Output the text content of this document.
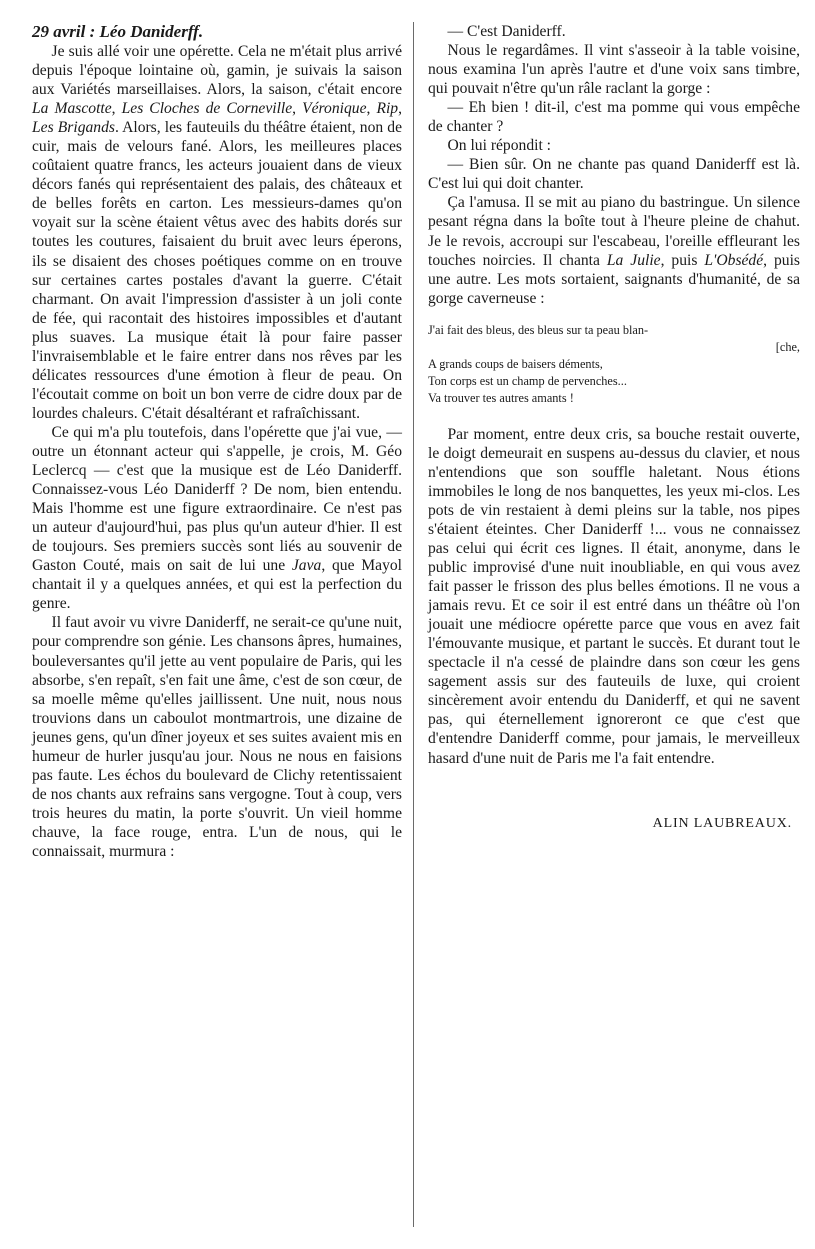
29 avril : Léo Daniderff.

Je suis allé voir une opérette. Cela ne m'était plus arrivé depuis l'époque lointaine où, gamin, je suivais la saison aux Variétés marseillaises. Alors, la saison, c'était encore La Mascotte, Les Cloches de Corneville, Véronique, Rip, Les Brigands. Alors, les fauteuils du théâtre étaient, non de cuir, mais de velours fané. Alors, les meilleures places coûtaient quatre francs, les acteurs jouaient dans de vieux décors fanés qui représentaient des palais, des châteaux et de belles forêts en carton. Les messieurs-dames qu'on voyait sur la scène étaient vêtus avec des habits dorés sur toutes les coutures, faisaient du bruit avec leurs éperons, ils se disaient des choses poétiques comme on en trouve sur certaines cartes postales d'avant la guerre. C'était charmant. On avait l'impression d'assister à un joli conte de fée, qui racontait des histoires impossibles et d'autant plus suaves. La musique était là pour faire passer l'invraisemblable et le faire entrer dans nos rêves par les délicates ressources d'une émotion à fleur de peau. On l'écoutait comme on boit un bon verre de cidre doux par de lourdes chaleurs. C'était désaltérant et rafraîchissant.

Ce qui m'a plu toutefois, dans l'opérette que j'ai vue, — outre un étonnant acteur qui s'appelle, je crois, M. Géo Leclercq — c'est que la musique est de Léo Daniderff. Connaissez-vous Léo Daniderff ? De nom, bien entendu. Mais l'homme est une figure extraordinaire. Ce n'est pas un auteur d'aujourd'hui, pas plus qu'un auteur d'hier. Il est de toujours. Ses premiers succès sont liés au souvenir de Gaston Couté, mais on sait de lui une Java, que Mayol chantait il y a quelques années, et qui est la perfection du genre.

Il faut avoir vu vivre Daniderff, ne serait-ce qu'une nuit, pour comprendre son génie. Les chansons âpres, humaines, bouleversantes qu'il jette au vent populaire de Paris, qui les absorbe, s'en repaît, s'en fait une âme, c'est de son cœur, de sa moelle même qu'elles jaillissent. Une nuit, nous nous trouvions dans un caboulot montmartrois, une dizaine de jeunes gens, qu'un dîner joyeux et ses suites avaient mis en humeur de hurler jusqu'au jour. Nous ne nous en faisions pas faute. Les échos du boulevard de Clichy retentissaient de nos chants aux refrains sans vergogne. Tout à coup, vers trois heures du matin, la porte s'ouvrit. Un vieil homme chauve, la face rouge, entra. L'un de nous, qui le connaissait, murmura :

— C'est Daniderff.

Nous le regardâmes. Il vint s'asseoir à la table voisine, nous examina l'un après l'autre et d'une voix sans timbre, qui pouvait n'être qu'un râle raclant la gorge :

— Eh bien ! dit-il, c'est ma pomme qui vous empêche de chanter ?

On lui répondit :

— Bien sûr. On ne chante pas quand Daniderff est là. C'est lui qui doit chanter.

Ça l'amusa. Il se mit au piano du bastringue. Un silence pesant régna dans la boîte tout à l'heure pleine de chahut. Je le revois, accroupi sur l'escabeau, l'oreille effleurant les touches noircies. Il chanta La Julie, puis L'Obsédé, puis une autre. Les mots sortaient, saignants d'humanité, de sa gorge caverneuse :

J'ai fait des bleus, des bleus sur ta peau blan-
[che,
A grands coups de baisers déments,
Ton corps est un champ de pervenches...
Va trouver tes autres amants !

Par moment, entre deux cris, sa bouche restait ouverte, le doigt demeurait en suspens au-dessus du clavier, et nous n'entendions que son souffle haletant. Nous étions immobiles le long de nos banquettes, les yeux mi-clos. Les pots de vin restaient à demi pleins sur la table, nos pipes s'étaient éteintes. Cher Daniderff !... vous ne connaissez pas celui qui écrit ces lignes. Il était, anonyme, dans le public improvisé d'une nuit inoubliable, en qui vous avez fait passer le frisson des plus belles émotions. Il ne vous a jamais revu. Et ce soir il est entré dans un théâtre où l'on jouait une médiocre opérette parce que vous en avez fait l'émouvante musique, et partant le succès. Et durant tout le spectacle il n'a cessé de plaindre dans son cœur les gens sagement assis sur des fauteuils de luxe, qui croient sincèrement avoir entendu du Daniderff, et qui ne savent pas, qui éternellement ignoreront ce que c'est que d'entendre Daniderff comme, pour jamais, le merveilleux hasard d'une nuit de Paris me l'a fait entendre.

ALIN LAUBREAUX.
